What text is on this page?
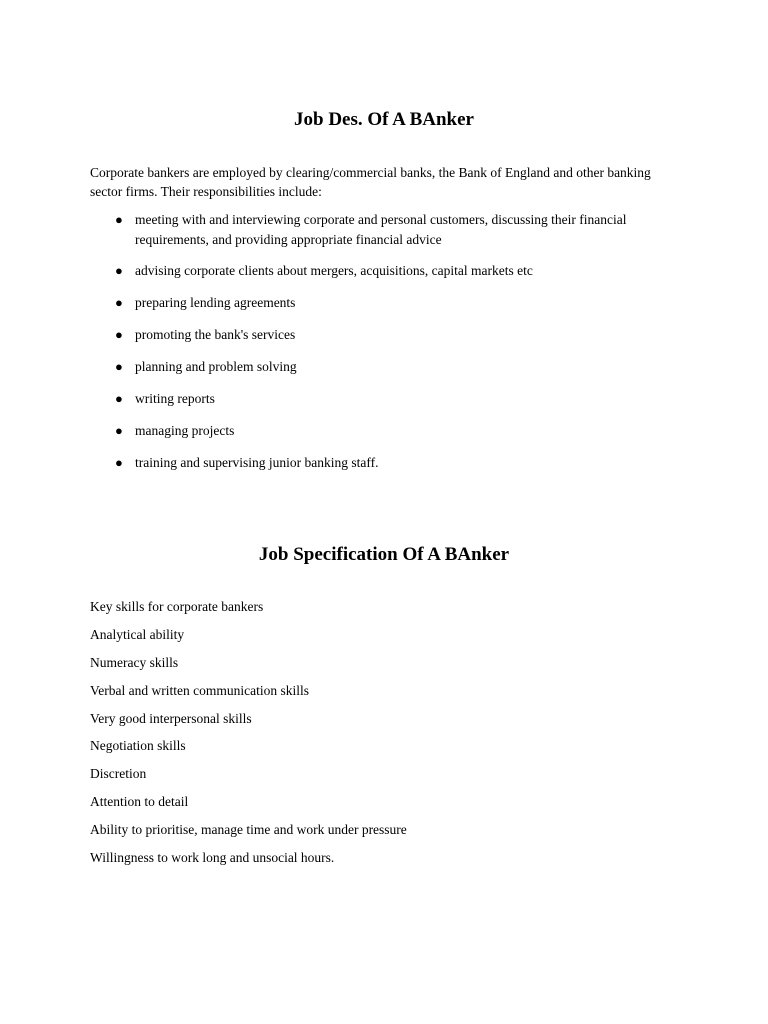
Job Des. Of A BAnker

Corporate bankers are employed by clearing/commercial banks, the Bank of England and other banking sector firms. Their responsibilities include:

● meeting with and interviewing corporate and personal customers, discussing their financial requirements, and providing appropriate financial advice
● advising corporate clients about mergers, acquisitions, capital markets etc
● preparing lending agreements
● promoting the bank's services
● planning and problem solving
● writing reports
● managing projects
● training and supervising junior banking staff.
Job Specification Of A BAnker

Key skills for corporate bankers

Analytical ability

Numeracy skills

Verbal and written communication skills

Very good interpersonal skills

Negotiation skills

Discretion

Attention to detail

Ability to prioritise, manage time and work under pressure

Willingness to work long and unsocial hours.
